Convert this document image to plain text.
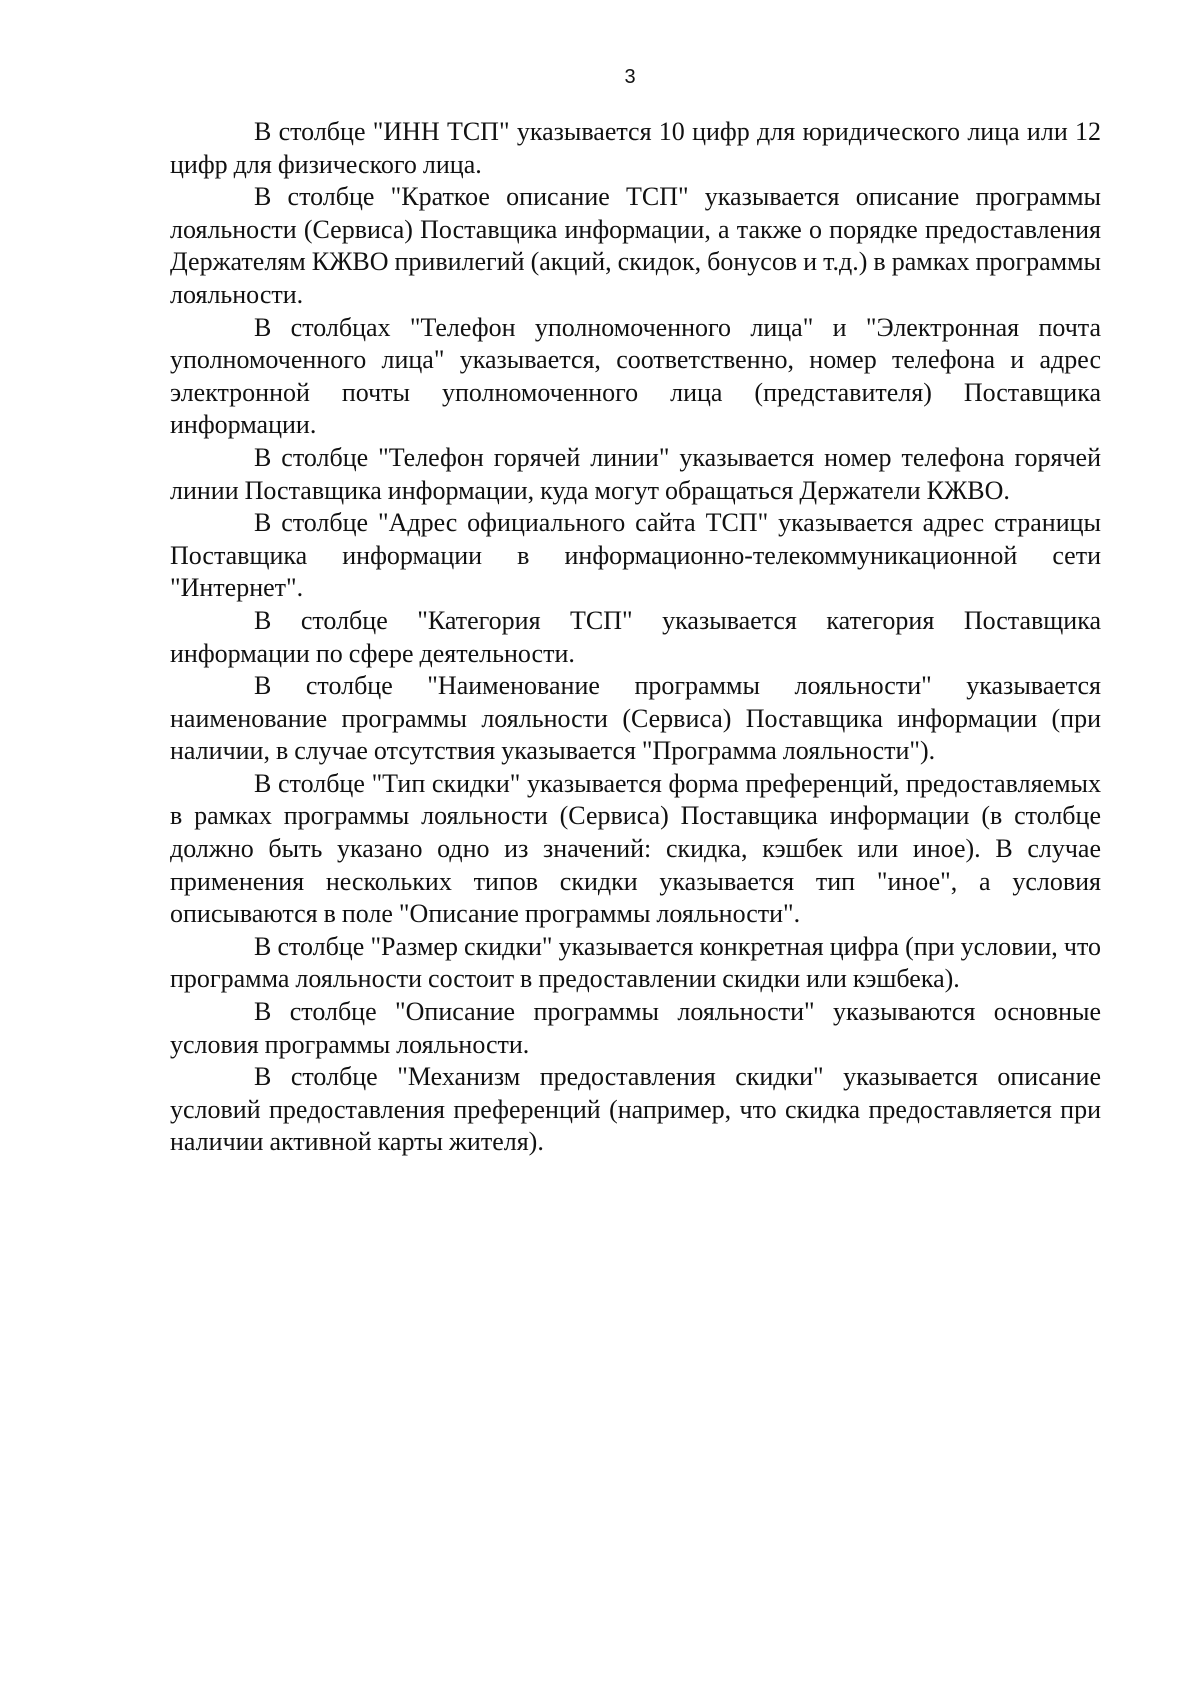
3

В столбце "ИНН ТСП" указывается 10 цифр для юридического лица или 12 цифр для физического лица.

В столбце "Краткое описание ТСП" указывается описание программы лояльности (Сервиса) Поставщика информации, а также о порядке предоставления Держателям КЖВО привилегий (акций, скидок, бонусов и т.д.) в рамках программы лояльности.

В столбцах "Телефон уполномоченного лица" и "Электронная почта уполномоченного лица" указывается, соответственно, номер телефона и адрес электронной почты уполномоченного лица (представителя) Поставщика информации.

В столбце "Телефон горячей линии" указывается номер телефона горячей линии Поставщика информации, куда могут обращаться Держатели КЖВО.

В столбце "Адрес официального сайта ТСП" указывается адрес страницы Поставщика информации в информационно-телекоммуникационной сети "Интернет".

В столбце "Категория ТСП" указывается категория Поставщика информации по сфере деятельности.

В столбце "Наименование программы лояльности" указывается наименование программы лояльности (Сервиса) Поставщика информации (при наличии, в случае отсутствия указывается "Программа лояльности").

В столбце "Тип скидки" указывается форма преференций, предоставляемых в рамках программы лояльности (Сервиса) Поставщика информации (в столбце должно быть указано одно из значений: скидка, кэшбек или иное). В случае применения нескольких типов скидки указывается тип "иное", а условия описываются в поле "Описание программы лояльности".

В столбце "Размер скидки" указывается конкретная цифра (при условии, что программа лояльности состоит в предоставлении скидки или кэшбека).

В столбце "Описание программы лояльности" указываются основные условия программы лояльности.

В столбце "Механизм предоставления скидки" указывается описание условий предоставления преференций (например, что скидка предоставляется при наличии активной карты жителя).
